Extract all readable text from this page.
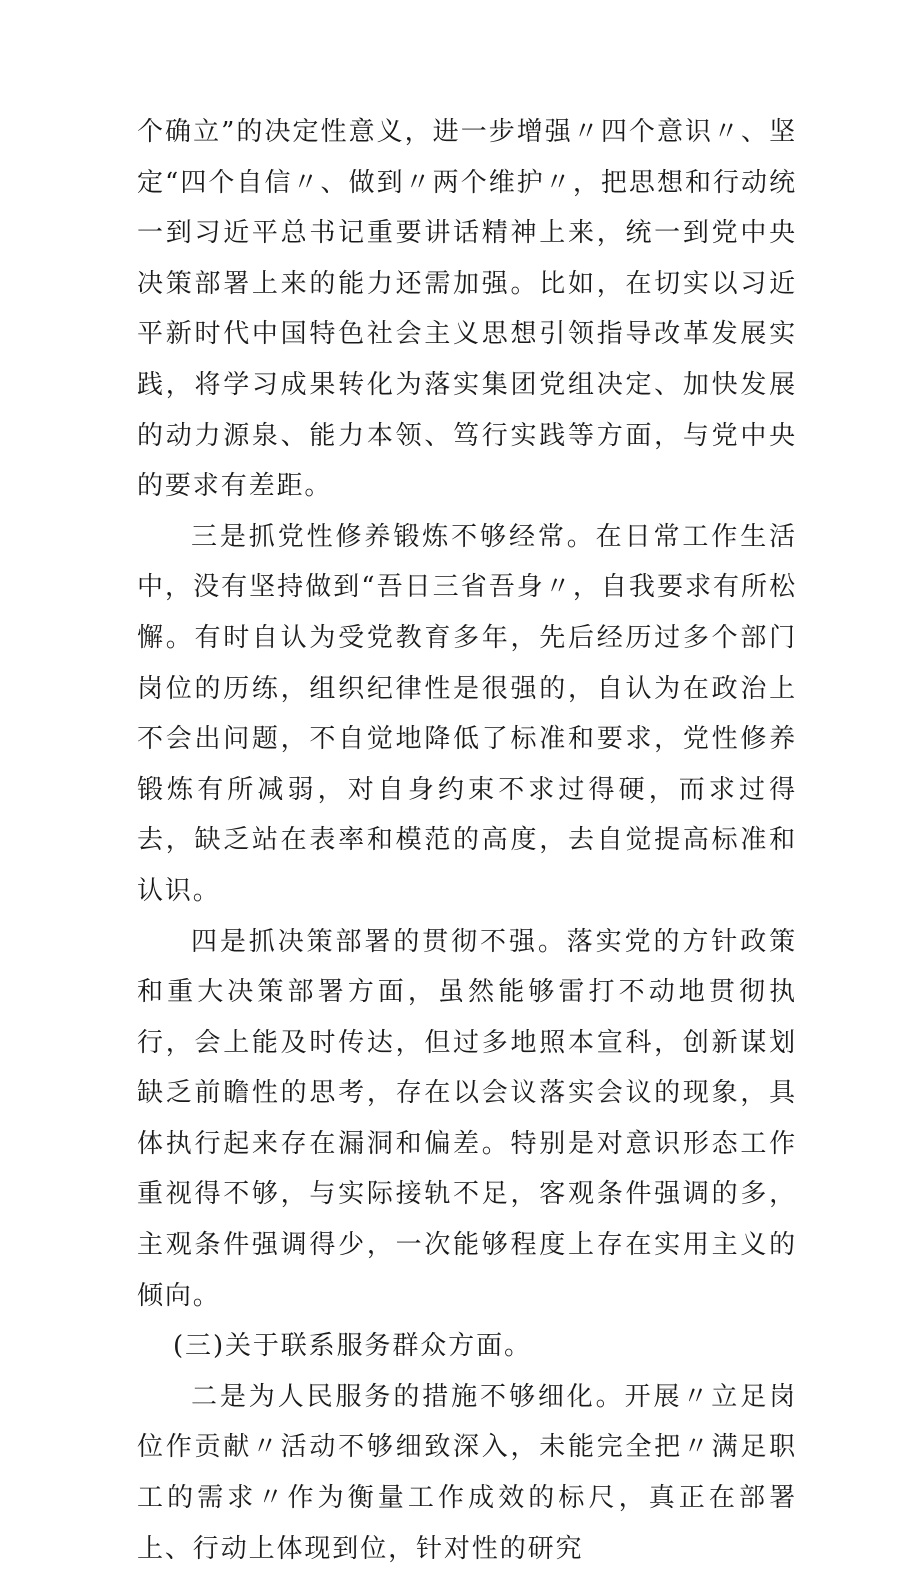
个确立”的决定性意义，进一步增强〃四个意识〃、坚定“四个自信〃、做到〃两个维护〃，把思想和行动统一到习近平总书记重要讲话精神上来，统一到党中央决策部署上来的能力还需加强。比如，在切实以习近平新时代中国特色社会主义思想引领指导改革发展实践，将学习成果转化为落实集团党组决定、加快发展的动力源泉、能力本领、笃行实践等方面，与党中央的要求有差距。

三是抓党性修养锻炼不够经常。在日常工作生活中，没有坚持做到“吾日三省吾身〃，自我要求有所松懈。有时自认为受党教育多年，先后经历过多个部门岗位的历练，组织纪律性是很强的，自认为在政治上不会出问题，不自觉地降低了标准和要求，党性修养锻炼有所减弱，对自身约束不求过得硬，而求过得去，缺乏站在表率和模范的高度，去自觉提高标准和认识。

四是抓决策部署的贯彻不强。落实党的方针政策和重大决策部署方面，虽然能够雷打不动地贯彻执行，会上能及时传达，但过多地照本宣科，创新谋划缺乏前瞻性的思考，存在以会议落实会议的现象，具体执行起来存在漏洞和偏差。特别是对意识形态工作重视得不够，与实际接轨不足，客观条件强调的多，主观条件强调得少，一次能够程度上存在实用主义的倾向。

(三)关于联系服务群众方面。

二是为人民服务的措施不够细化。开展〃立足岗位作贡献〃活动不够细致深入，未能完全把〃满足职工的需求〃作为衡量工作成效的标尺，真正在部署上、行动上体现到位，针对性的研究
